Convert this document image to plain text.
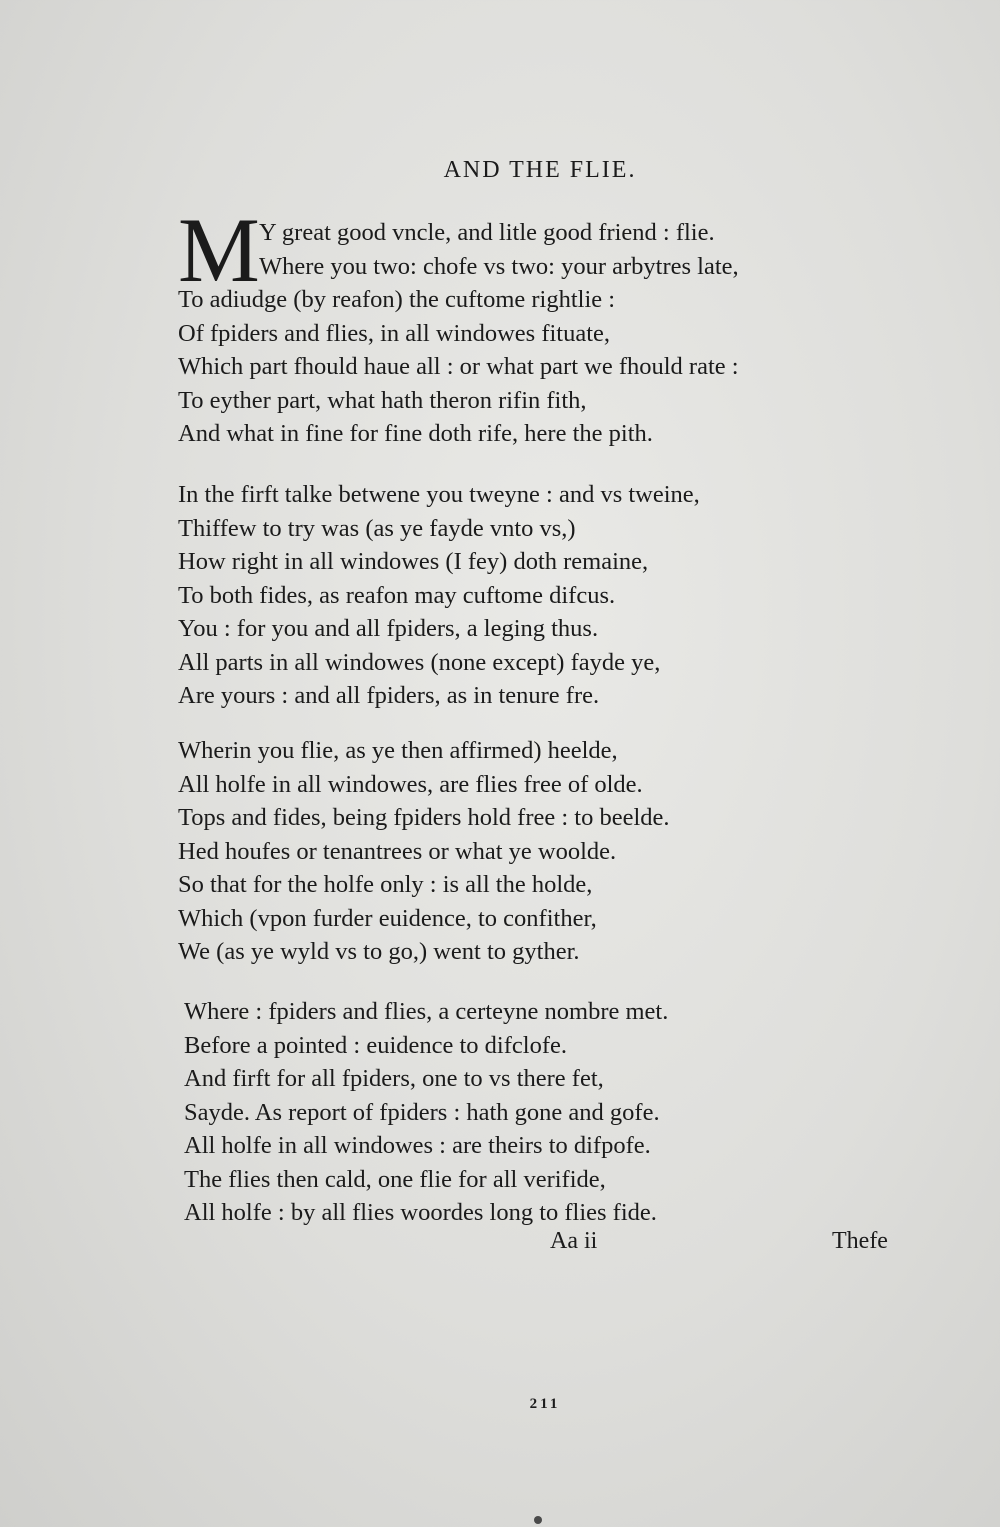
AND THE FLIE.
M Y great good vncle, and litle good friend : flie.
Where you two: chofe vs two: your arbytres late,
To adiudge (by reafon) the cuftome rightlie :
Of fpiders and flies, in all windowes fituate,
Which part fhould haue all : or what part we fhould rate :
To eyther part, what hath theron rifin fith,
And what in fine for fine doth rife, here the pith.
In the firft talke betwene you tweyne : and vs tweine,
Thiffew to try was (as ye fayde vnto vs,)
How right in all windowes (I fey) doth remaine,
To both fides, as reafon may cuftome difcus.
You : for you and all fpiders, a leging thus.
All parts in all windowes (none except) fayde ye,
Are yours : and all fpiders, as in tenure fre.
Wherin you flie, as ye then affirmed) heelde,
All holfe in all windowes, are flies free of olde.
Tops and fides, being fpiders hold free : to beelde.
Hed houfes or tenantrees or what ye woolde.
So that for the holfe only : is all the holde,
Which (vpon furder euidence, to confither,
We (as ye wyld vs to go,) went to gyther.
Where : fpiders and flies, a certeyne nombre met.
Before a pointed : euidence to difclofe.
And firft for all fpiders, one to vs there fet,
Sayde. As report of fpiders : hath gone and gofe.
All holfe in all windowes : are theirs to difpofe.
The flies then cald, one flie for all verifide,
All holfe : by all flies woordes long to flies fide.
Aa ii	Thefe
211
